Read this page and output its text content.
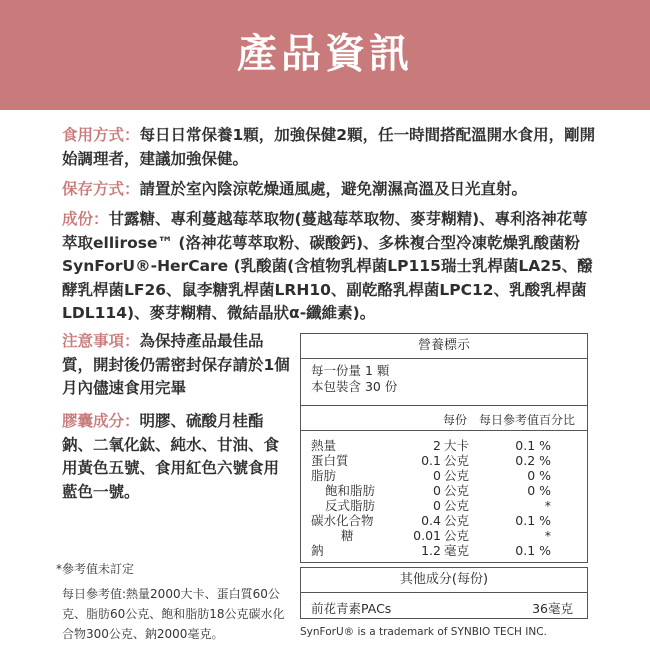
產品資訊
食用方式：每日日常保養1顆，加強保健2顆，任一時間搭配溫開水食用，剛開始調理者，建議加強保健。
保存方式：請置於室內陰涼乾燥通風處，避免潮濕高溫及日光直射。
成份：甘露糖、專利蔓越莓萃取物(蔓越莓萃取物、麥芽糊精)、專利洛神花萼萃取ellirose™ (洛神花萼萃取粉、碳酸鈣)、多株複合型冷凍乾燥乳酸菌粉SynForU®-HerCare (乳酸菌(含植物乳桿菌LP115瑞士乳桿菌LA25、醱酵乳桿菌LF26、鼠李糖乳桿菌LRH10、副乾酪乳桿菌LPC12、乳酸乳桿菌LDL114)、麥芽糊精、微結晶狀α-纖維素)。
注意事項：為保持產品最佳品質，開封後仍需密封保存請於1個月內儘速食用完畢
膠囊成分：明膠、硫酸月桂酯鈉、二氧化鈦、純水、甘油、食用黃色五號、食用紅色六號食用藍色一號。
*參考值未訂定
每日參考值:熱量2000大卡、蛋白質60公克、脂肪60公克、飽和脂肪18公克碳水化合物300公克、鈉2000毫克。
營養標示
每一份量 1 顆
本包裝含 30 份
每份 每日參考值百分比
熱量	2 大卡	0.1 %
蛋白質	0.1 公克	0.2 %
脂肪	0 公克	0 %
飽和脂肪	0 公克	0 %
反式脂肪	0 公克	*
碳水化合物	0.4 公克	0.1 %
糖	0.01 公克	*
鈉	1.2 毫克	0.1 %
其他成分(每份)
前花青素PACs	36毫克
SynForU® is a trademark of SYNBIO TECH INC.
